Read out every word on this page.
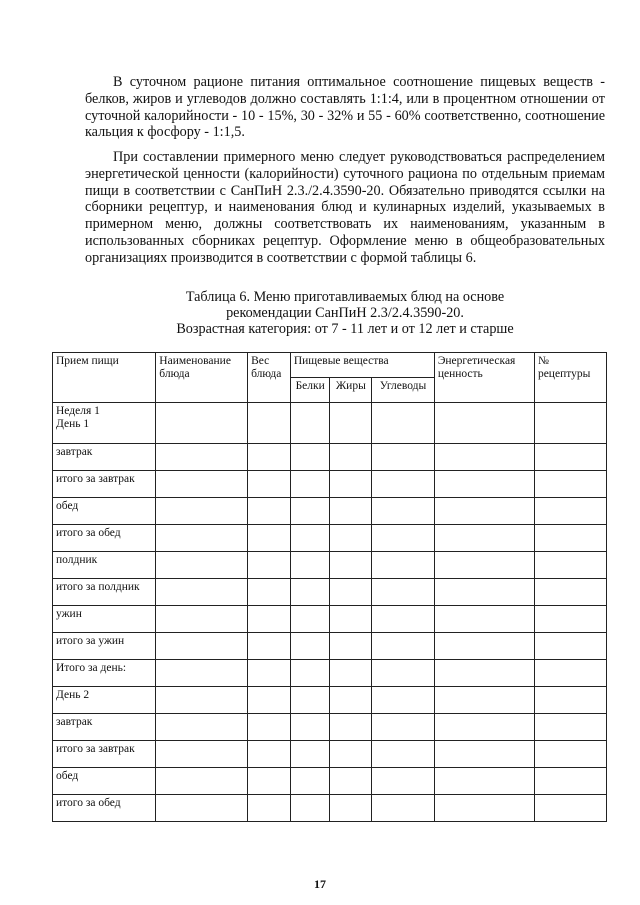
В суточном рационе питания оптимальное соотношение пищевых веществ - белков, жиров и углеводов должно составлять 1:1:4, или в процентном отношении от суточной калорийности - 10 - 15%, 30 - 32% и 55 - 60% соответственно, соотношение кальция к фосфору - 1:1,5.

При составлении примерного меню следует руководствоваться распределением энергетической ценности (калорийности) суточного рациона по отдельным приемам пищи в соответствии с СанПиН 2.3./2.4.3590-20. Обязательно приводятся ссылки на сборники рецептур, и наименования блюд и кулинарных изделий, указываемых в примерном меню, должны соответствовать их наименованиям, указанным в использованных сборниках рецептур. Оформление меню в общеобразовательных организациях производится в соответствии с формой таблицы 6.

Таблица 6. Меню приготавливаемых блюд на основе

рекомендации СанПиН 2.3/2.4.3590-20.

Возрастная категория: от 7 - 11 лет и от 12 лет и старше

Прием пищи	Наименование блюда	Вес блюда	Пищевые вещества			Энергетическая ценность	№ рецептуры
			Белки	Жиры	Углеводы		

Неделя 1
День 1							

завтрак							
итого за завтрак							
обед							
итого за обед							
полдник							
итого за полдник							
ужин							
итого за ужин							
Итого за день:							
День 2							
завтрак							
итого за завтрак							
обед							
итого за обед							
17
